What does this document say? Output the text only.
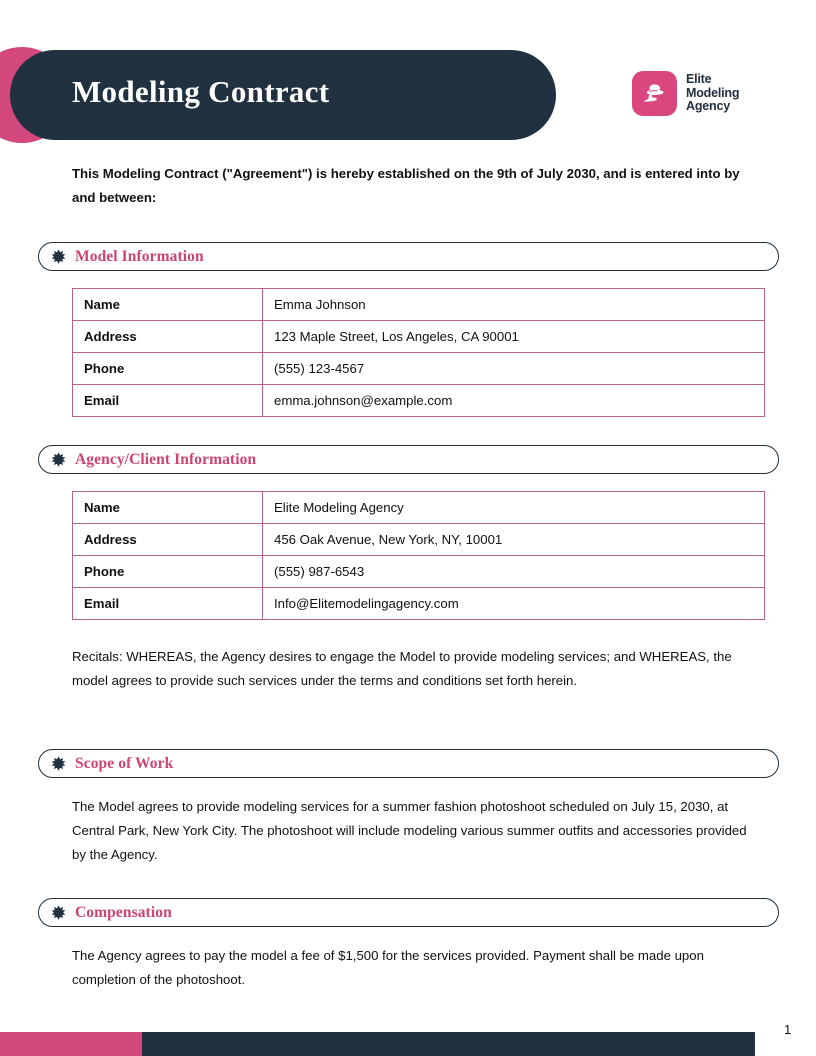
Modeling Contract	Elite
Modeling
Agency
This Modeling Contract ("Agreement") is hereby established on the 9th of July 2030, and is entered into by and between:
Model Information
Name	Emma Johnson
Address	123 Maple Street, Los Angeles, CA 90001
Phone	(555) 123-4567
Email	emma.johnson@example.com
Agency/Client Information
Name	Elite Modeling Agency
Address	456 Oak Avenue, New York, NY, 10001
Phone	(555) 987-6543
Email	Info@Elitemodelingagency.com
Recitals: WHEREAS, the Agency desires to engage the Model to provide modeling services; and WHEREAS, the model agrees to provide such services under the terms and conditions set forth herein.
Scope of Work
The Model agrees to provide modeling services for a summer fashion photoshoot scheduled on July 15, 2030, at Central Park, New York City. The photoshoot will include modeling various summer outfits and accessories provided by the Agency.
Compensation
The Agency agrees to pay the model a fee of $1,500 for the services provided. Payment shall be made upon completion of the photoshoot.
1
